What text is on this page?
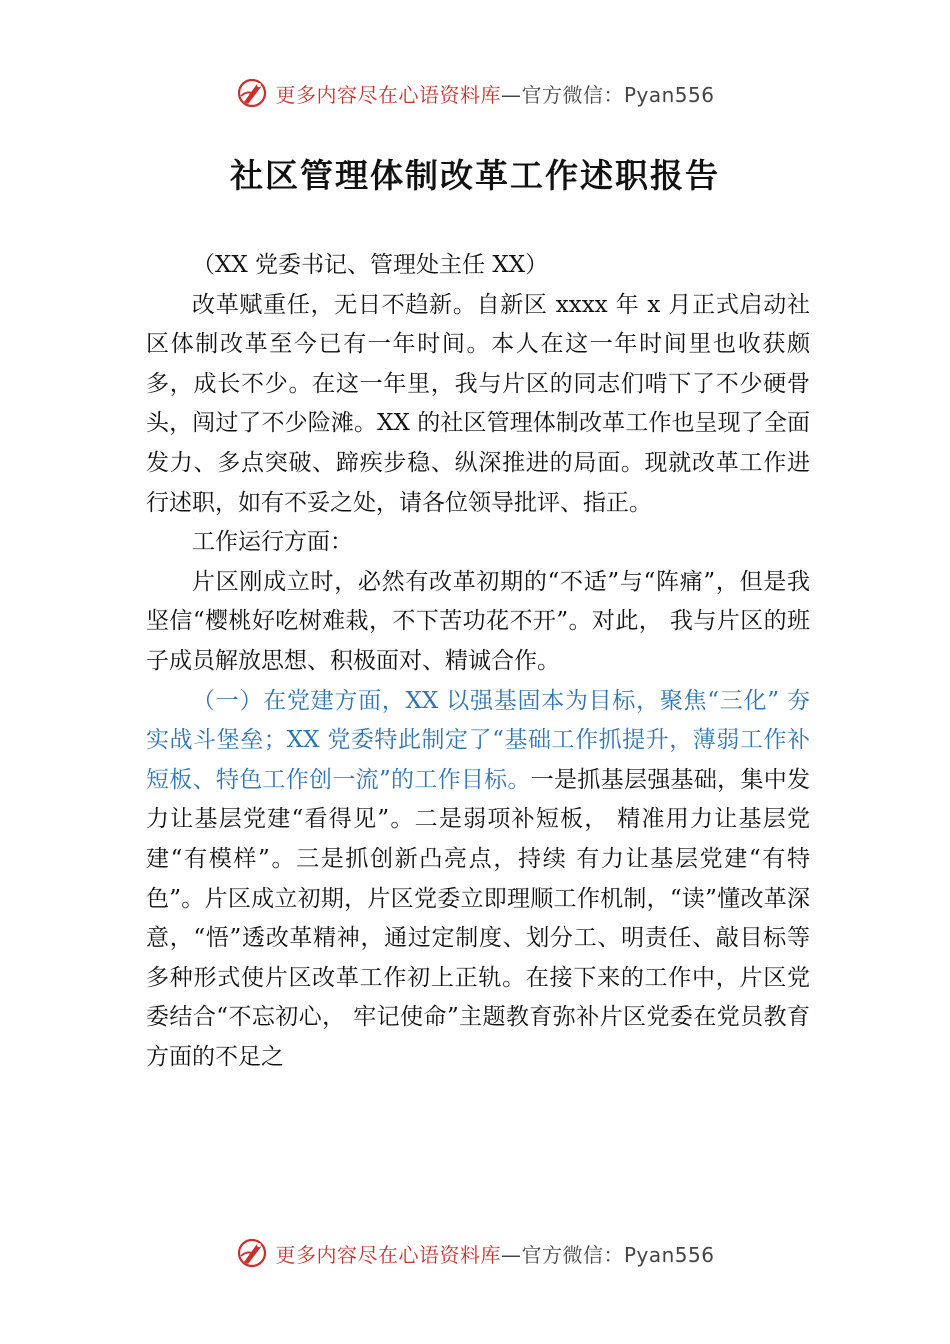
更多内容尽在心语资料库 —官方微信：Pyan556
社区管理体制改革工作述职报告

（XX 党委书记、管理处主任 XX）

改革赋重任，无日不趋新。自新区 xxxx 年 x 月正式启动社区体制改革至今已有一年时间。本人在这一年时间里也收获颇多，成长不少。在这一年里，我与片区的同志们啃下了不少硬骨头，闯过了不少险滩。XX 的社区管理体制改革工作也呈现了全面发力、多点突破、蹄疾步稳、纵深推进的局面。现就改革工作进行述职，如有不妥之处，请各位领导批评、指正。

工作运行方面：

片区刚成立时，必然有改革初期的“不适”与“阵痛”，但是我坚信“樱桃好吃树难栽，不下苦功花不开”。对此， 我与片区的班子成员解放思想、积极面对、精诚合作。

（一）在党建方面，XX 以强基固本为目标，聚焦“三化” 夯实战斗堡垒；XX 党委特此制定了“基础工作抓提升，薄弱工作补短板、特色工作创一流”的工作目标。一是抓基层强基础，集中发力让基层党建“看得见”。二是弱项补短板， 精准用力让基层党建“有模样”。三是抓创新凸亮点，持续 有力让基层党建“有特色”。片区成立初期，片区党委立即理顺工作机制，“读”懂改革深意，“悟”透改革精神，通过定制度、划分工、明责任、敲目标等多种形式使片区改革工作初上正轨。在接下来的工作中，片区党委结合“不忘初心， 牢记使命”主题教育弥补片区党委在党员教育方面的不足之

更多内容尽在心语资料库 —官方微信：Pyan556
